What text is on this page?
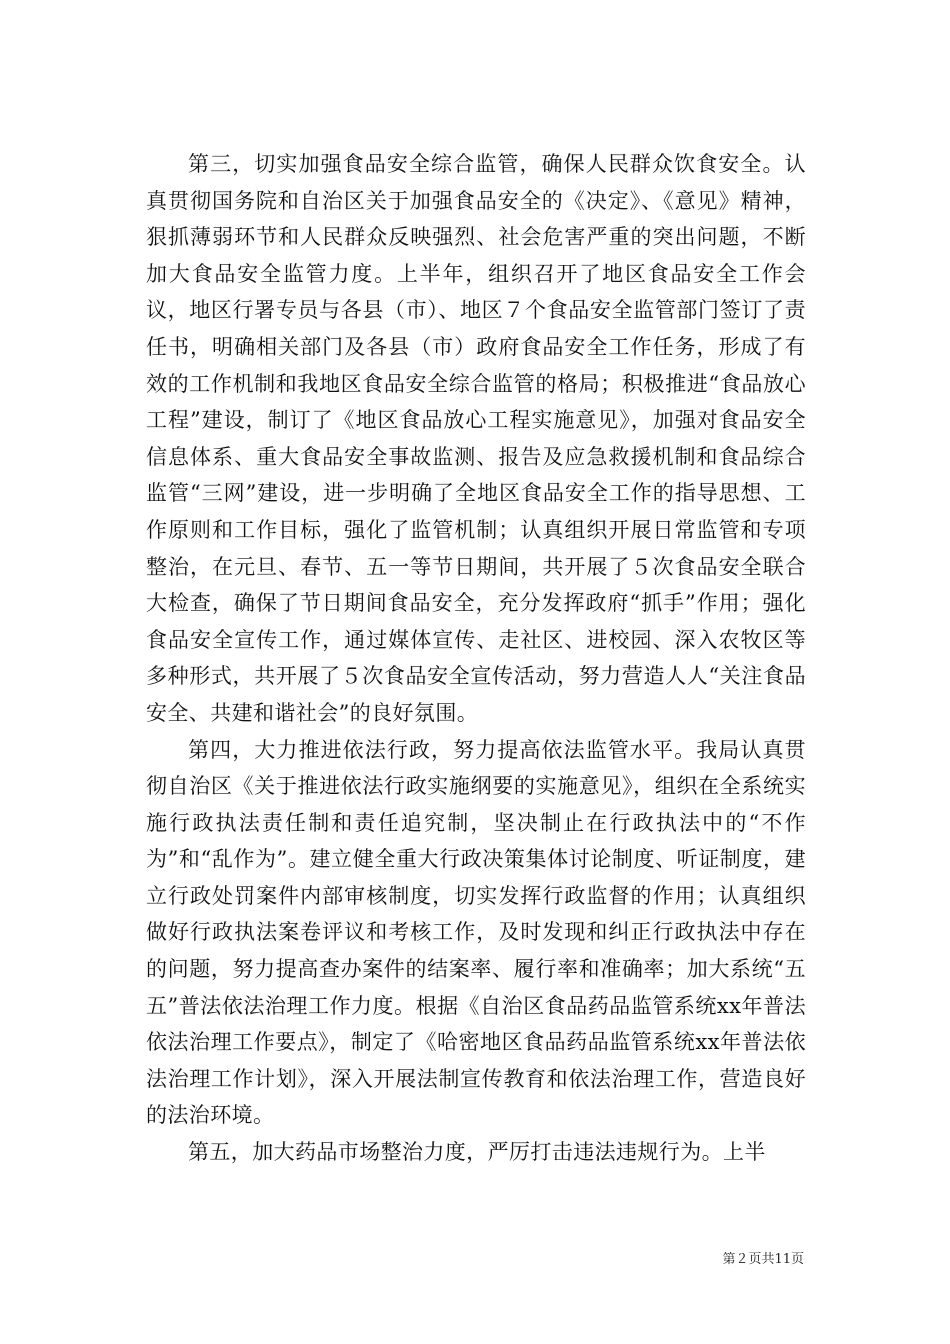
第三，切实加强食品安全综合监管，确保人民群众饮食安全。认真贯彻国务院和自治区关于加强食品安全的《决定》、《意见》精神，狠抓薄弱环节和人民群众反映强烈、社会危害严重的突出问题，不断加大食品安全监管力度。上半年，组织召开了地区食品安全工作会议，地区行署专员与各县（市）、地区７个食品安全监管部门签订了责任书，明确相关部门及各县（市）政府食品安全工作任务，形成了有效的工作机制和我地区食品安全综合监管的格局；积极推进“食品放心工程”建设，制订了《地区食品放心工程实施意见》，加强对食品安全信息体系、重大食品安全事故监测、报告及应急救援机制和食品综合监管“三网”建设，进一步明确了全地区食品安全工作的指导思想、工作原则和工作目标，强化了监管机制；认真组织开展日常监管和专项整治，在元旦、春节、五一等节日期间，共开展了５次食品安全联合大检查，确保了节日期间食品安全，充分发挥政府“抓手”作用；强化食品安全宣传工作，通过媒体宣传、走社区、进校园、深入农牧区等多种形式，共开展了５次食品安全宣传活动，努力营造人人“关注食品安全、共建和谐社会”的良好氛围。

第四，大力推进依法行政，努力提高依法监管水平。我局认真贯彻自治区《关于推进依法行政实施纲要的实施意见》，组织在全系统实施行政执法责任制和责任追究制，坚决制止在行政执法中的“不作为”和“乱作为”。建立健全重大行政决策集体讨论制度、听证制度，建立行政处罚案件内部审核制度，切实发挥行政监督的作用；认真组织做好行政执法案卷评议和考核工作，及时发现和纠正行政执法中存在的问题，努力提高查办案件的结案率、履行率和准确率；加大系统“五五”普法依法治理工作力度。根据《自治区食品药品监管系统xx年普法依法治理工作要点》，制定了《哈密地区食品药品监管系统xx年普法依法治理工作计划》，深入开展法制宣传教育和依法治理工作，营造良好的法治环境。

第五，加大药品市场整治力度，严厉打击违法违规行为。上半

第２页共11页
